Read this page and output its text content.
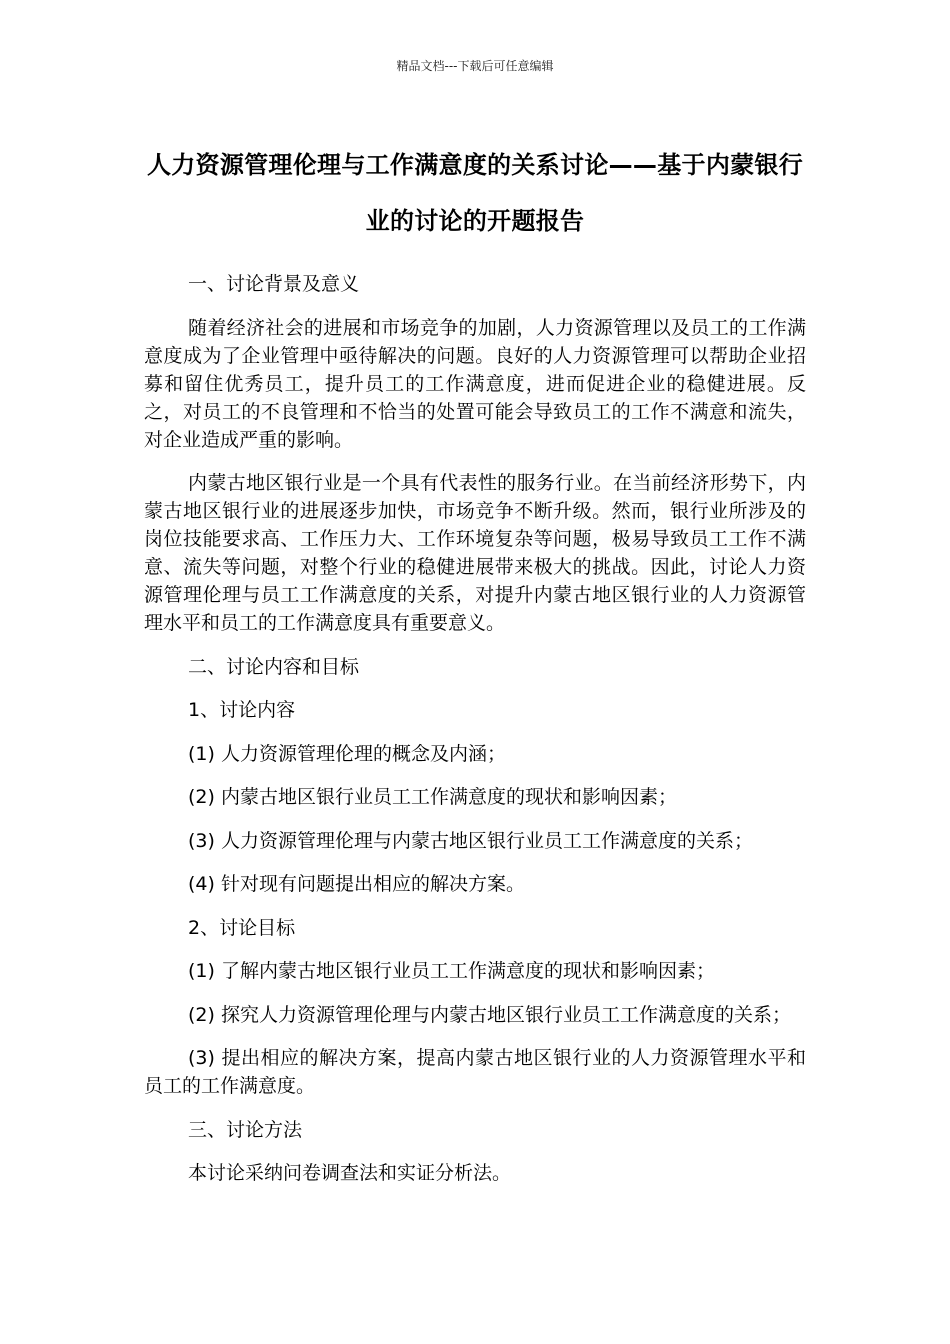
精品文档---下载后可任意编辑
人力资源管理伦理与工作满意度的关系讨论——基于内蒙银行业的讨论的开题报告

一、讨论背景及意义

随着经济社会的进展和市场竞争的加剧，人力资源管理以及员工的工作满意度成为了企业管理中亟待解决的问题。良好的人力资源管理可以帮助企业招募和留住优秀员工，提升员工的工作满意度，进而促进企业的稳健进展。反之，对员工的不良管理和不恰当的处置可能会导致员工的工作不满意和流失，对企业造成严重的影响。

内蒙古地区银行业是一个具有代表性的服务行业。在当前经济形势下，内蒙古地区银行业的进展逐步加快，市场竞争不断升级。然而，银行业所涉及的岗位技能要求高、工作压力大、工作环境复杂等问题，极易导致员工工作不满意、流失等问题，对整个行业的稳健进展带来极大的挑战。因此，讨论人力资源管理伦理与员工工作满意度的关系，对提升内蒙古地区银行业的人力资源管理水平和员工的工作满意度具有重要意义。

二、讨论内容和目标

1、讨论内容

(1) 人力资源管理伦理的概念及内涵；

(2) 内蒙古地区银行业员工工作满意度的现状和影响因素；

(3) 人力资源管理伦理与内蒙古地区银行业员工工作满意度的关系；

(4) 针对现有问题提出相应的解决方案。

2、讨论目标

(1) 了解内蒙古地区银行业员工工作满意度的现状和影响因素；

(2) 探究人力资源管理伦理与内蒙古地区银行业员工工作满意度的关系；

(3) 提出相应的解决方案，提高内蒙古地区银行业的人力资源管理水平和员工的工作满意度。

三、讨论方法

本讨论采纳问卷调查法和实证分析法。
